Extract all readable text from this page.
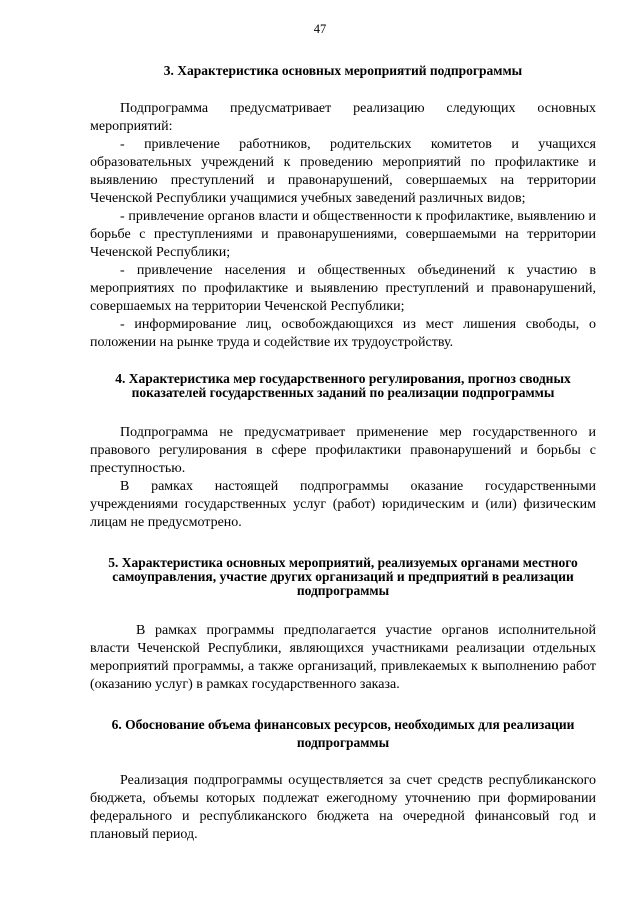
47
3. Характеристика основных мероприятий подпрограммы

Подпрограмма предусматривает реализацию следующих основных мероприятий:

- привлечение работников, родительских комитетов и учащихся образовательных учреждений к проведению мероприятий по профилактике и выявлению преступлений и правонарушений, совершаемых на территории Чеченской Республики учащимися учебных заведений различных видов;

- привлечение органов власти и общественности к профилактике, выявлению и борьбе с преступлениями и правонарушениями, совершаемыми на территории Чеченской Республики;

- привлечение населения и общественных объединений к участию в мероприятиях по профилактике и выявлению преступлений и правонарушений, совершаемых на территории Чеченской Республики;

- информирование лиц, освобождающихся из мест лишения свободы, о положении на рынке труда и содействие их трудоустройству.

4. Характеристика мер государственного регулирования, прогноз сводных показателей государственных заданий по реализации подпрограммы

Подпрограмма не предусматривает применение мер государственного и правового регулирования в сфере профилактики правонарушений и борьбы с преступностью.

В рамках настоящей подпрограммы оказание государственными учреждениями государственных услуг (работ) юридическим и (или) физическим лицам не предусмотрено.

5. Характеристика основных мероприятий, реализуемых органами местного самоуправления, участие других организаций и предприятий в реализации подпрограммы

В рамках программы предполагается участие органов исполнительной власти Чеченской Республики, являющихся участниками реализации отдельных мероприятий программы, а также организаций, привлекаемых к выполнению работ (оказанию услуг) в рамках государственного заказа.

6. Обоснование объема финансовых ресурсов, необходимых для реализации подпрограммы

Реализация подпрограммы осуществляется за счет средств республиканского бюджета, объемы которых подлежат ежегодному уточнению при формировании федерального и республиканского бюджета на очередной финансовый год и плановый период.
